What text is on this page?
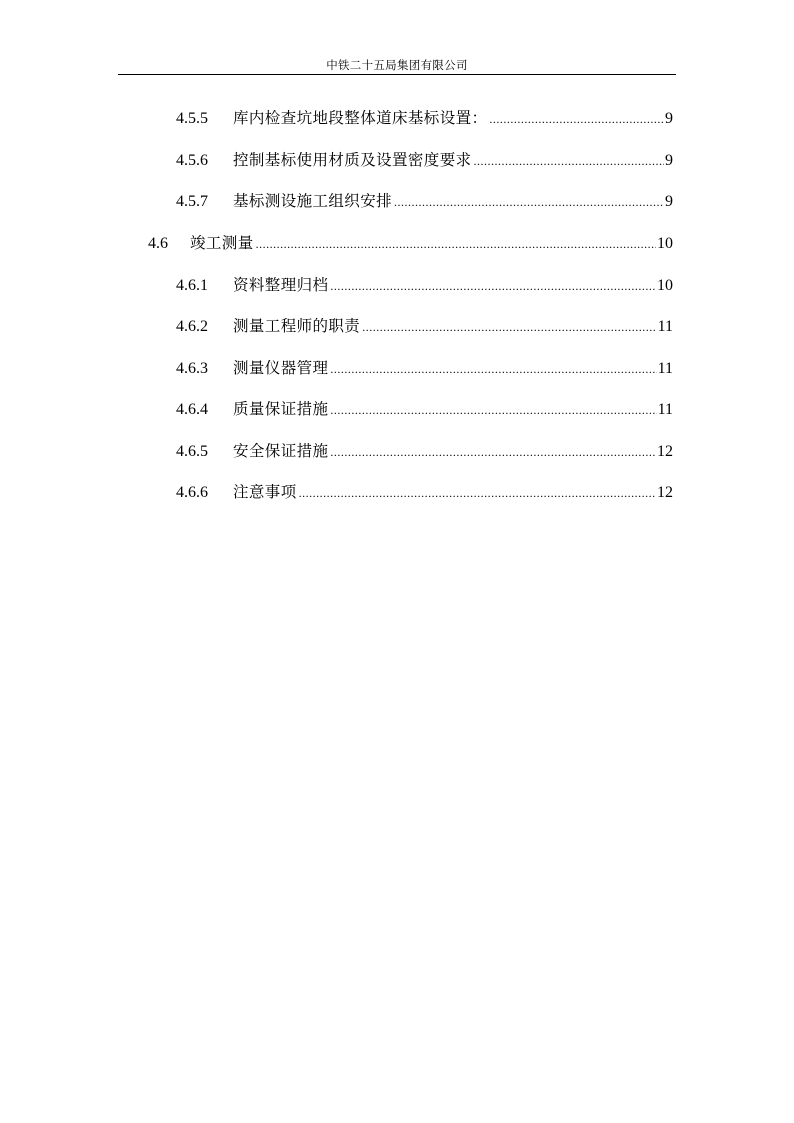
中铁二十五局集团有限公司
4.5.5	库内检查坑地段整体道床基标设置： .....	9
4.5.6	控制基标使用材质及设置密度要求 .....	9
4.5.7	基标测设施工组织安排 .....	9
4.6	竣工测量 .....	10
4.6.1	资料整理归档 .....	10
4.6.2	测量工程师的职责 .....	11
4.6.3	测量仪器管理 .....	11
4.6.4	质量保证措施 .....	11
4.6.5	安全保证措施 .....	12
4.6.6	注意事项 .....	12
